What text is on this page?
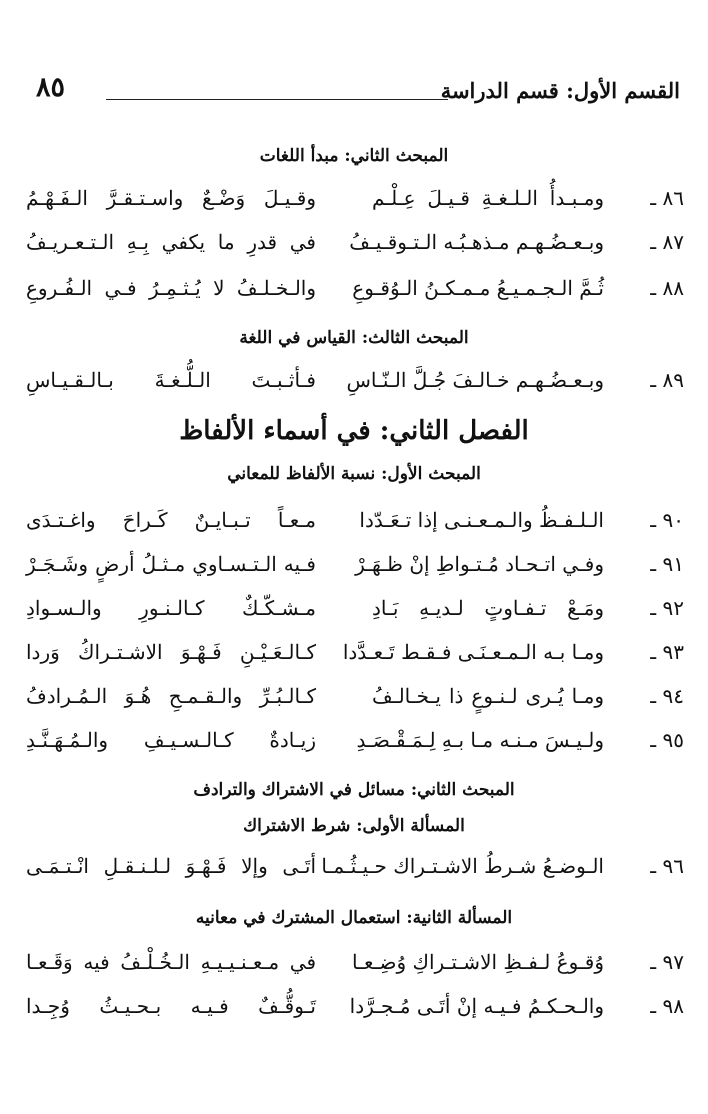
القسم الأول: قسم الدراسة
٨٥
المبحث الثاني: مبدأ اللغات
٨٦ ـ
ومـبـدأُ الـلـغـةِ قـيـلَ عِـلْـم
وقـيـلَ وَضْـعٌ واسـتـقـرَّ الـفَـهْـمُ
٨٧ ـ
وبـعـضُـهـم مـذهـبُـه الـتـوقـيـفُ
في قدرِ ما يكفي بِـهِ الـتـعـريـفُ
٨٨ ـ
ثُـمَّ الـجـمـيـعُ مـمـكـنُ الـوُقـوعِ
والـخـلـفُ لا يُـثـمِـرُ فـي الـفُـروعِ
المبحث الثالث: القياس في اللغة
٨٩ ـ
وبـعـضُـهـم خـالـفَ جُـلَّ الـنّـاسِ
فـأثـبـتَ الـلُّـغـةَ بـالـقـيـاسِ
الفصل الثاني: في أسماء الألفاظ
المبحث الأول: نسبة الألفاظ للمعاني
٩٠ ـ
الـلـفـظُ والـمـعـنـى إذا تـعَـدّدا
مـعـاً تـبـايـنٌ كَـراحَ واغـتـدَى
٩١ ـ
وفـي اتـحـاد مُـتـواطِ إنْ ظـهَـرْ
فـيه الـتـسـاوي مـثـلُ أرضٍ وشَـجَـرْ
٩٢ ـ
ومَـعْ تـفـاوتٍ لـديـهِ بَـادِ
مـشـكّـكٌ كـالـنـورِ والـسـوادِ
٩٣ ـ
ومـا بـه الـمـعـنَـى فـقـط تَـعـدَّدا
كـالـعَـيْـنِ فَـهْـوَ الاشـتـراكُ وَردا
٩٤ ـ
ومـا يُـرى لـنـوعٍ ذا يـخـالـفُ
كـالـبُـرِّ والـقـمـحِ هُـوَ الـمُـرادفُ
٩٥ ـ
ولـيـسَ مـنـه مـا بـهِ لِـمَـقْـصَـدِ
زيـادةٌ كـالـسـيـفِ والـمُـهَـنَّـدِ
المبحث الثاني: مسائل في الاشتراك والترادف
المسألة الأولى: شرط الاشتراك
٩٦ ـ
الـوضـعُ شـرطُ الاشـتـراك حـيـثُـمـا
أتَـى وإلا فَـهْـوَ لـلـنـقـلِ انْـتـمَـى
المسألة الثانية: استعمال المشترك في معانيه
٩٧ ـ
وُقـوعُ لـفـظِ الاشـتـراكِ وُضِـعـا
في مـعـنـيـيـهِ الـخُـلْـفُ فيه وَقَـعـا
٩٨ ـ
والـحـكـمُ فـيـه إنْ أتَـى مُـجـرَّدا
تَـوقُّـفٌ فـيـه بـحـيـثُ وُجِـدا
